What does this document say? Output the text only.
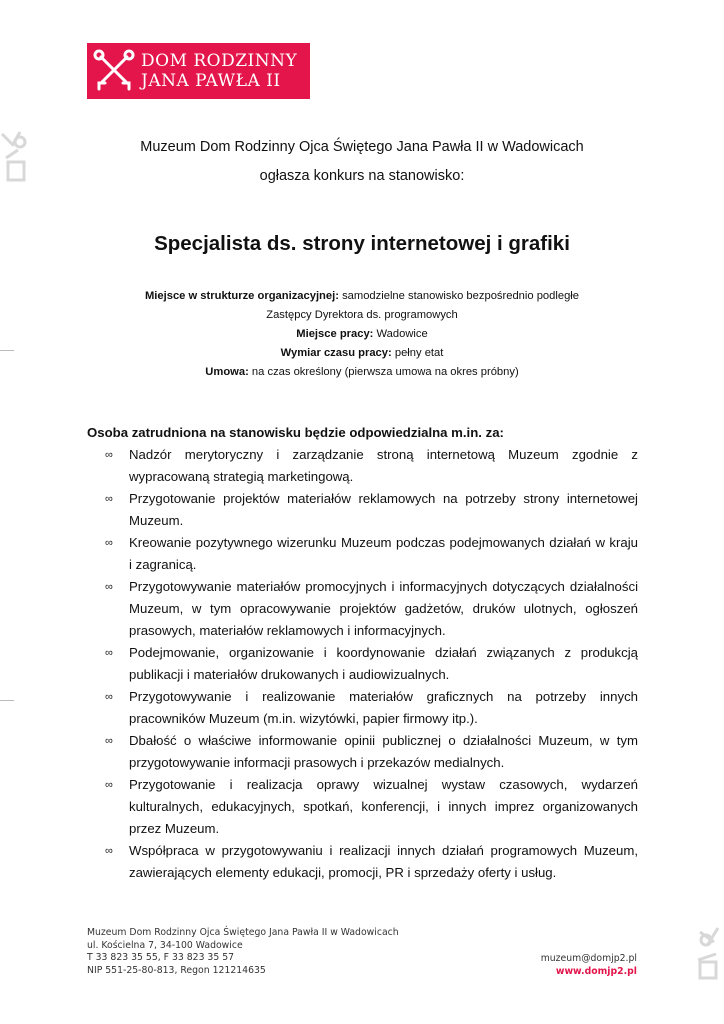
DOM RODZINNY
JANA PAWŁA II
Muzeum Dom Rodzinny Ojca Świętego Jana Pawła II w Wadowicach
ogłasza konkurs na stanowisko:
Specjalista ds. strony internetowej i grafiki
Miejsce w strukturze organizacyjnej: samodzielne stanowisko bezpośrednio podległe
Zastępcy Dyrektora ds. programowych
Miejsce pracy: Wadowice
Wymiar czasu pracy: pełny etat
Umowa: na czas określony (pierwsza umowa na okres próbny)
Osoba zatrudniona na stanowisku będzie odpowiedzialna m.in. za:
∞ Nadzór merytoryczny i zarządzanie stroną internetową Muzeum zgodnie z wypracowaną strategią marketingową.
∞ Przygotowanie projektów materiałów reklamowych na potrzeby strony internetowej Muzeum.
∞ Kreowanie pozytywnego wizerunku Muzeum podczas podejmowanych działań w kraju i zagranicą.
∞ Przygotowywanie materiałów promocyjnych i informacyjnych dotyczących działalności Muzeum, w tym opracowywanie projektów gadżetów, druków ulotnych, ogłoszeń prasowych, materiałów reklamowych i informacyjnych.
∞ Podejmowanie, organizowanie i koordynowanie działań związanych z produkcją publikacji i materiałów drukowanych i audiowizualnych.
∞ Przygotowywanie i realizowanie materiałów graficznych na potrzeby innych pracowników Muzeum (m.in. wizytówki, papier firmowy itp.).
∞ Dbałość o właściwe informowanie opinii publicznej o działalności Muzeum, w tym przygotowywanie informacji prasowych i przekazów medialnych.
∞ Przygotowanie i realizacja oprawy wizualnej wystaw czasowych, wydarzeń kulturalnych, edukacyjnych, spotkań, konferencji, i innych imprez organizowanych przez Muzeum.
∞ Współpraca w przygotowywaniu i realizacji innych działań programowych Muzeum, zawierających elementy edukacji, promocji, PR i sprzedaży oferty i usług.
Muzeum Dom Rodzinny Ojca Świętego Jana Pawła II w Wadowicach
ul. Kościelna 7, 34-100 Wadowice
T 33 823 35 55, F 33 823 35 57
NIP 551-25-80-813, Regon 121214635
muzeum@domjp2.pl
www.domjp2.pl
